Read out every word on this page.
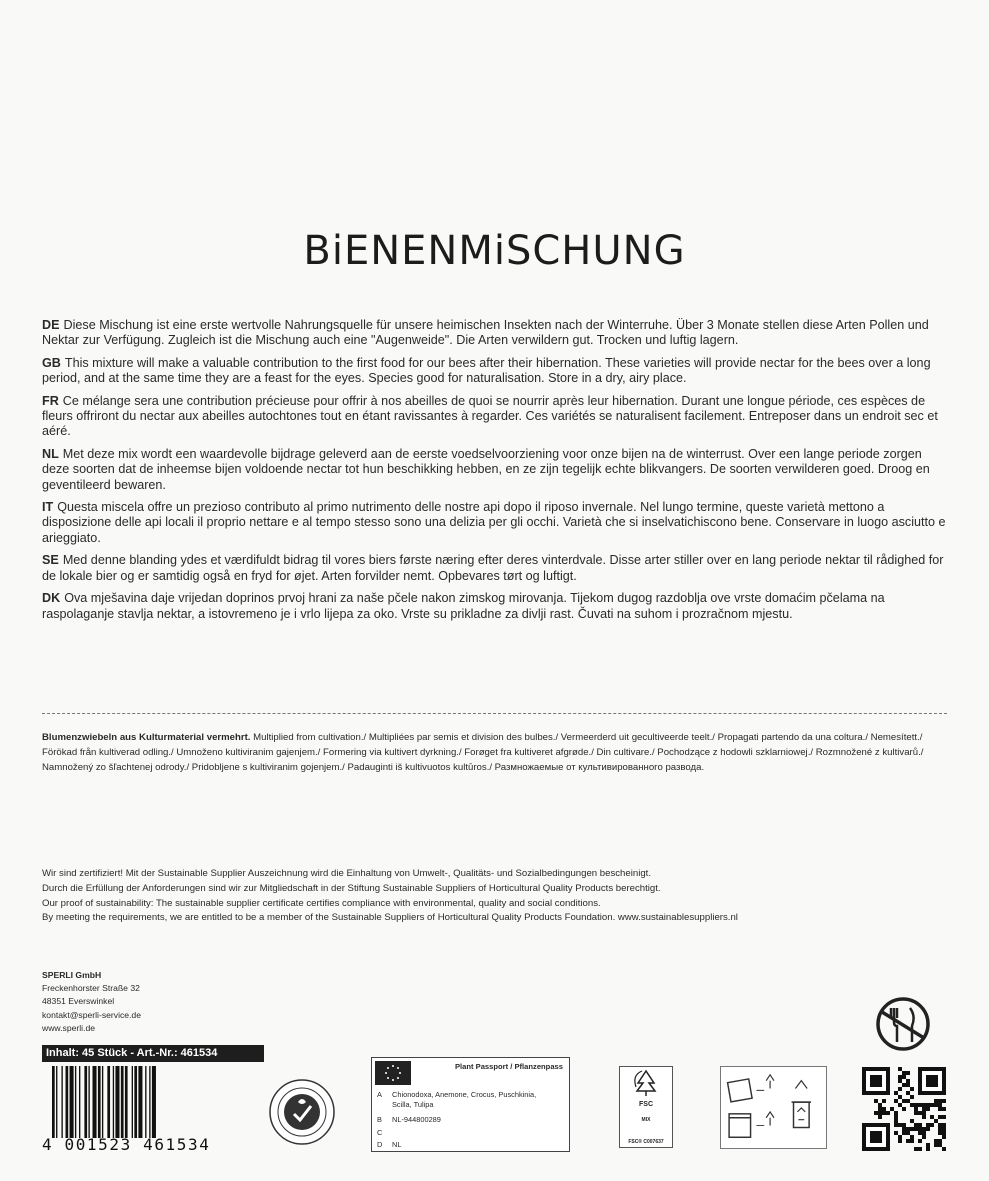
BiENENMiSCHUNG
DE Diese Mischung ist eine erste wertvolle Nahrungsquelle für unsere heimischen Insekten nach der Winterruhe. Über 3 Monate stellen diese Arten Pollen und Nektar zur Verfügung. Zugleich ist die Mischung auch eine "Augenweide". Die Arten verwildern gut. Trocken und luftig lagern.
GB This mixture will make a valuable contribution to the first food for our bees after their hibernation. These varieties will provide nectar for the bees over a long period, and at the same time they are a feast for the eyes. Species good for naturalisation. Store in a dry, airy place.
FR Ce mélange sera une contribution précieuse pour offrir à nos abeilles de quoi se nourrir après leur hibernation. Durant une longue période, ces espèces de fleurs offriront du nectar aux abeilles autochtones tout en étant ravissantes à regarder. Ces variétés se naturalisent facilement. Entreposer dans un endroit sec et aéré.
NL Met deze mix wordt een waardevolle bijdrage geleverd aan de eerste voedselvoorziening voor onze bijen na de winterrust. Over een lange periode zorgen deze soorten dat de inheemse bijen voldoende nectar tot hun beschikking hebben, en ze zijn tegelijk echte blikvangers. De soorten verwilderen goed. Droog en geventileerd bewaren.
IT Questa miscela offre un prezioso contributo al primo nutrimento delle nostre api dopo il riposo invernale. Nel lungo termine, queste varietà mettono a disposizione delle api locali il proprio nettare e al tempo stesso sono una delizia per gli occhi. Varietà che si inselvatichiscono bene. Conservare in luogo asciutto e arieggiato.
SE Med denne blanding ydes et værdifuldt bidrag til vores biers første næring efter deres vinterdvale. Disse arter stiller over en lang periode nektar til rådighed for de lokale bier og er samtidig også en fryd for øjet. Arten forvilder nemt. Opbevares tørt og luftigt.
DK Ova mješavina daje vrijedan doprinos prvoj hrani za naše pčele nakon zimskog mirovanja. Tijekom dugog razdoblja ove vrste domaćim pčelama na raspolaganje stavlja nektar, a istovremeno je i vrlo lijepa za oko. Vrste su prikladne za divlji rast. Čuvati na suhom i prozračnom mjestu.
Blumenzwiebeln aus Kulturmaterial vermehrt. Multiplied from cultivation./ Multipliées par semis et division des bulbes./ Vermeerderd uit gecultiveerde teelt./ Propagati partendo da una coltura./ Nemesített./ Förökad från kultiverad odling./ Umnoženo kultiviranim gajenjem./ Formering via kultivert dyrkning./ Forøget fra kultiveret afgrøde./ Din cultivare./ Pochodzące z hodowli szklarniowej./ Rozmnožené z kultivarů./ Namnožený zo šľachtenej odrody./ Pridobljene s kultiviranim gojenjem./ Padauginti iš kultivuotos kultūros./ Размножаемые от культивированного развода.
Wir sind zertifiziert! Mit der Sustainable Supplier Auszeichnung wird die Einhaltung von Umwelt-, Qualitäts- und Sozialbedingungen bescheinigt.
Durch die Erfüllung der Anforderungen sind wir zur Mitgliedschaft in der Stiftung Sustainable Suppliers of Horticultural Quality Products berechtigt.
Our proof of sustainability: The sustainable supplier certificate certifies compliance with environmental, quality and social conditions.
By meeting the requirements, we are entitled to be a member of the Sustainable Suppliers of Horticultural Quality Products Foundation. www.sustainablesuppliers.nl
SPERLI GmbH
Freckenhorster Straße 32
48351 Everswinkel
kontakt@sperli-service.de
www.sperli.de
Inhalt: 45 Stück - Art.-Nr.: 461534
4 001523 461534
Plant Passport / Pflanzenpass
A Chionodoxa, Anemone, Crocus, Puschkinia, Scilla, Tulipa
B NL-944800289
C
D NL
FSC
MIX
FSC® C007637
